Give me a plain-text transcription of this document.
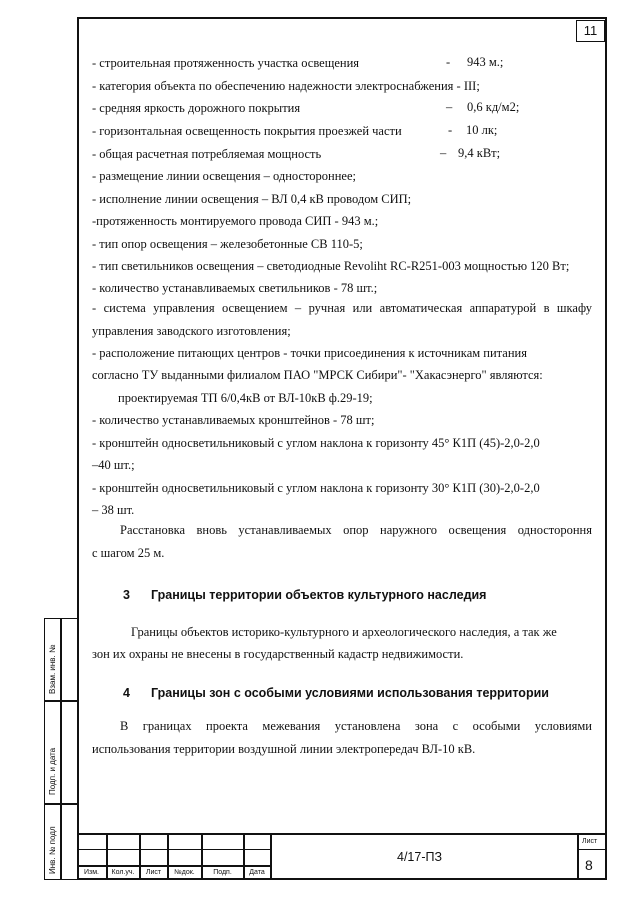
11
- строительная протяженность участка освещения	- 943 м.;
- категория объекта по обеспечению надежности электроснабжения - III;
- средняя яркость дорожного покрытия	– 0,6 кд/м2;
- горизонтальная освещенность покрытия проезжей части	- 10 лк;
- общая расчетная потребляемая мощность	– 9,4 кВт;
- размещение линии освещения – одностороннее;
- исполнение линии освещения – ВЛ 0,4 кВ проводом СИП;
-протяженность монтируемого провода СИП - 943 м.;
- тип опор освещения – железобетонные СВ 110-5;
- тип светильников освещения – светодиодные Revoliht RC-R251-003 мощностью 120 Вт;
- количество устанавливаемых светильников - 78 шт.;
- система управления освещением – ручная или автоматическая аппаратурой в шкафу
управления заводского изготовления;
- расположение питающих центров - точки присоединения к источникам питания
согласно ТУ выданными филиалом ПАО "МРСК Сибири"- "Хакасэнерго" являются:
проектируемая ТП 6/0,4кВ от ВЛ-10кВ ф.29-19;
- количество устанавливаемых кронштейнов - 78 шт;
- кронштейн односветильниковый с углом наклона к горизонту 45° К1П (45)-2,0-2,0
–40 шт.;
- кронштейн односветильниковый с углом наклона к горизонту 30° К1П (30)-2,0-2,0
– 38 шт.
Расстановка вновь устанавливаемых опор наружного освещения одностороння
с шагом 25 м.
3 Границы территории объектов культурного наследия
Границы объектов историко-культурного и археологического наследия, а так же
зон их охраны не внесены в государственный кадастр недвижимости.
4 Границы зон с особыми условиями использования территории
В границах проекта межевания установлена зона с особыми условиями
использования территории воздушной линии электропередач ВЛ-10 кВ.
Взам. инв. №
Подп. и дата
Инв. № подл	Изм.	Кол.уч.	Лист	№док.	Подп.	Дата
4/17-ПЗ
Лист
8
